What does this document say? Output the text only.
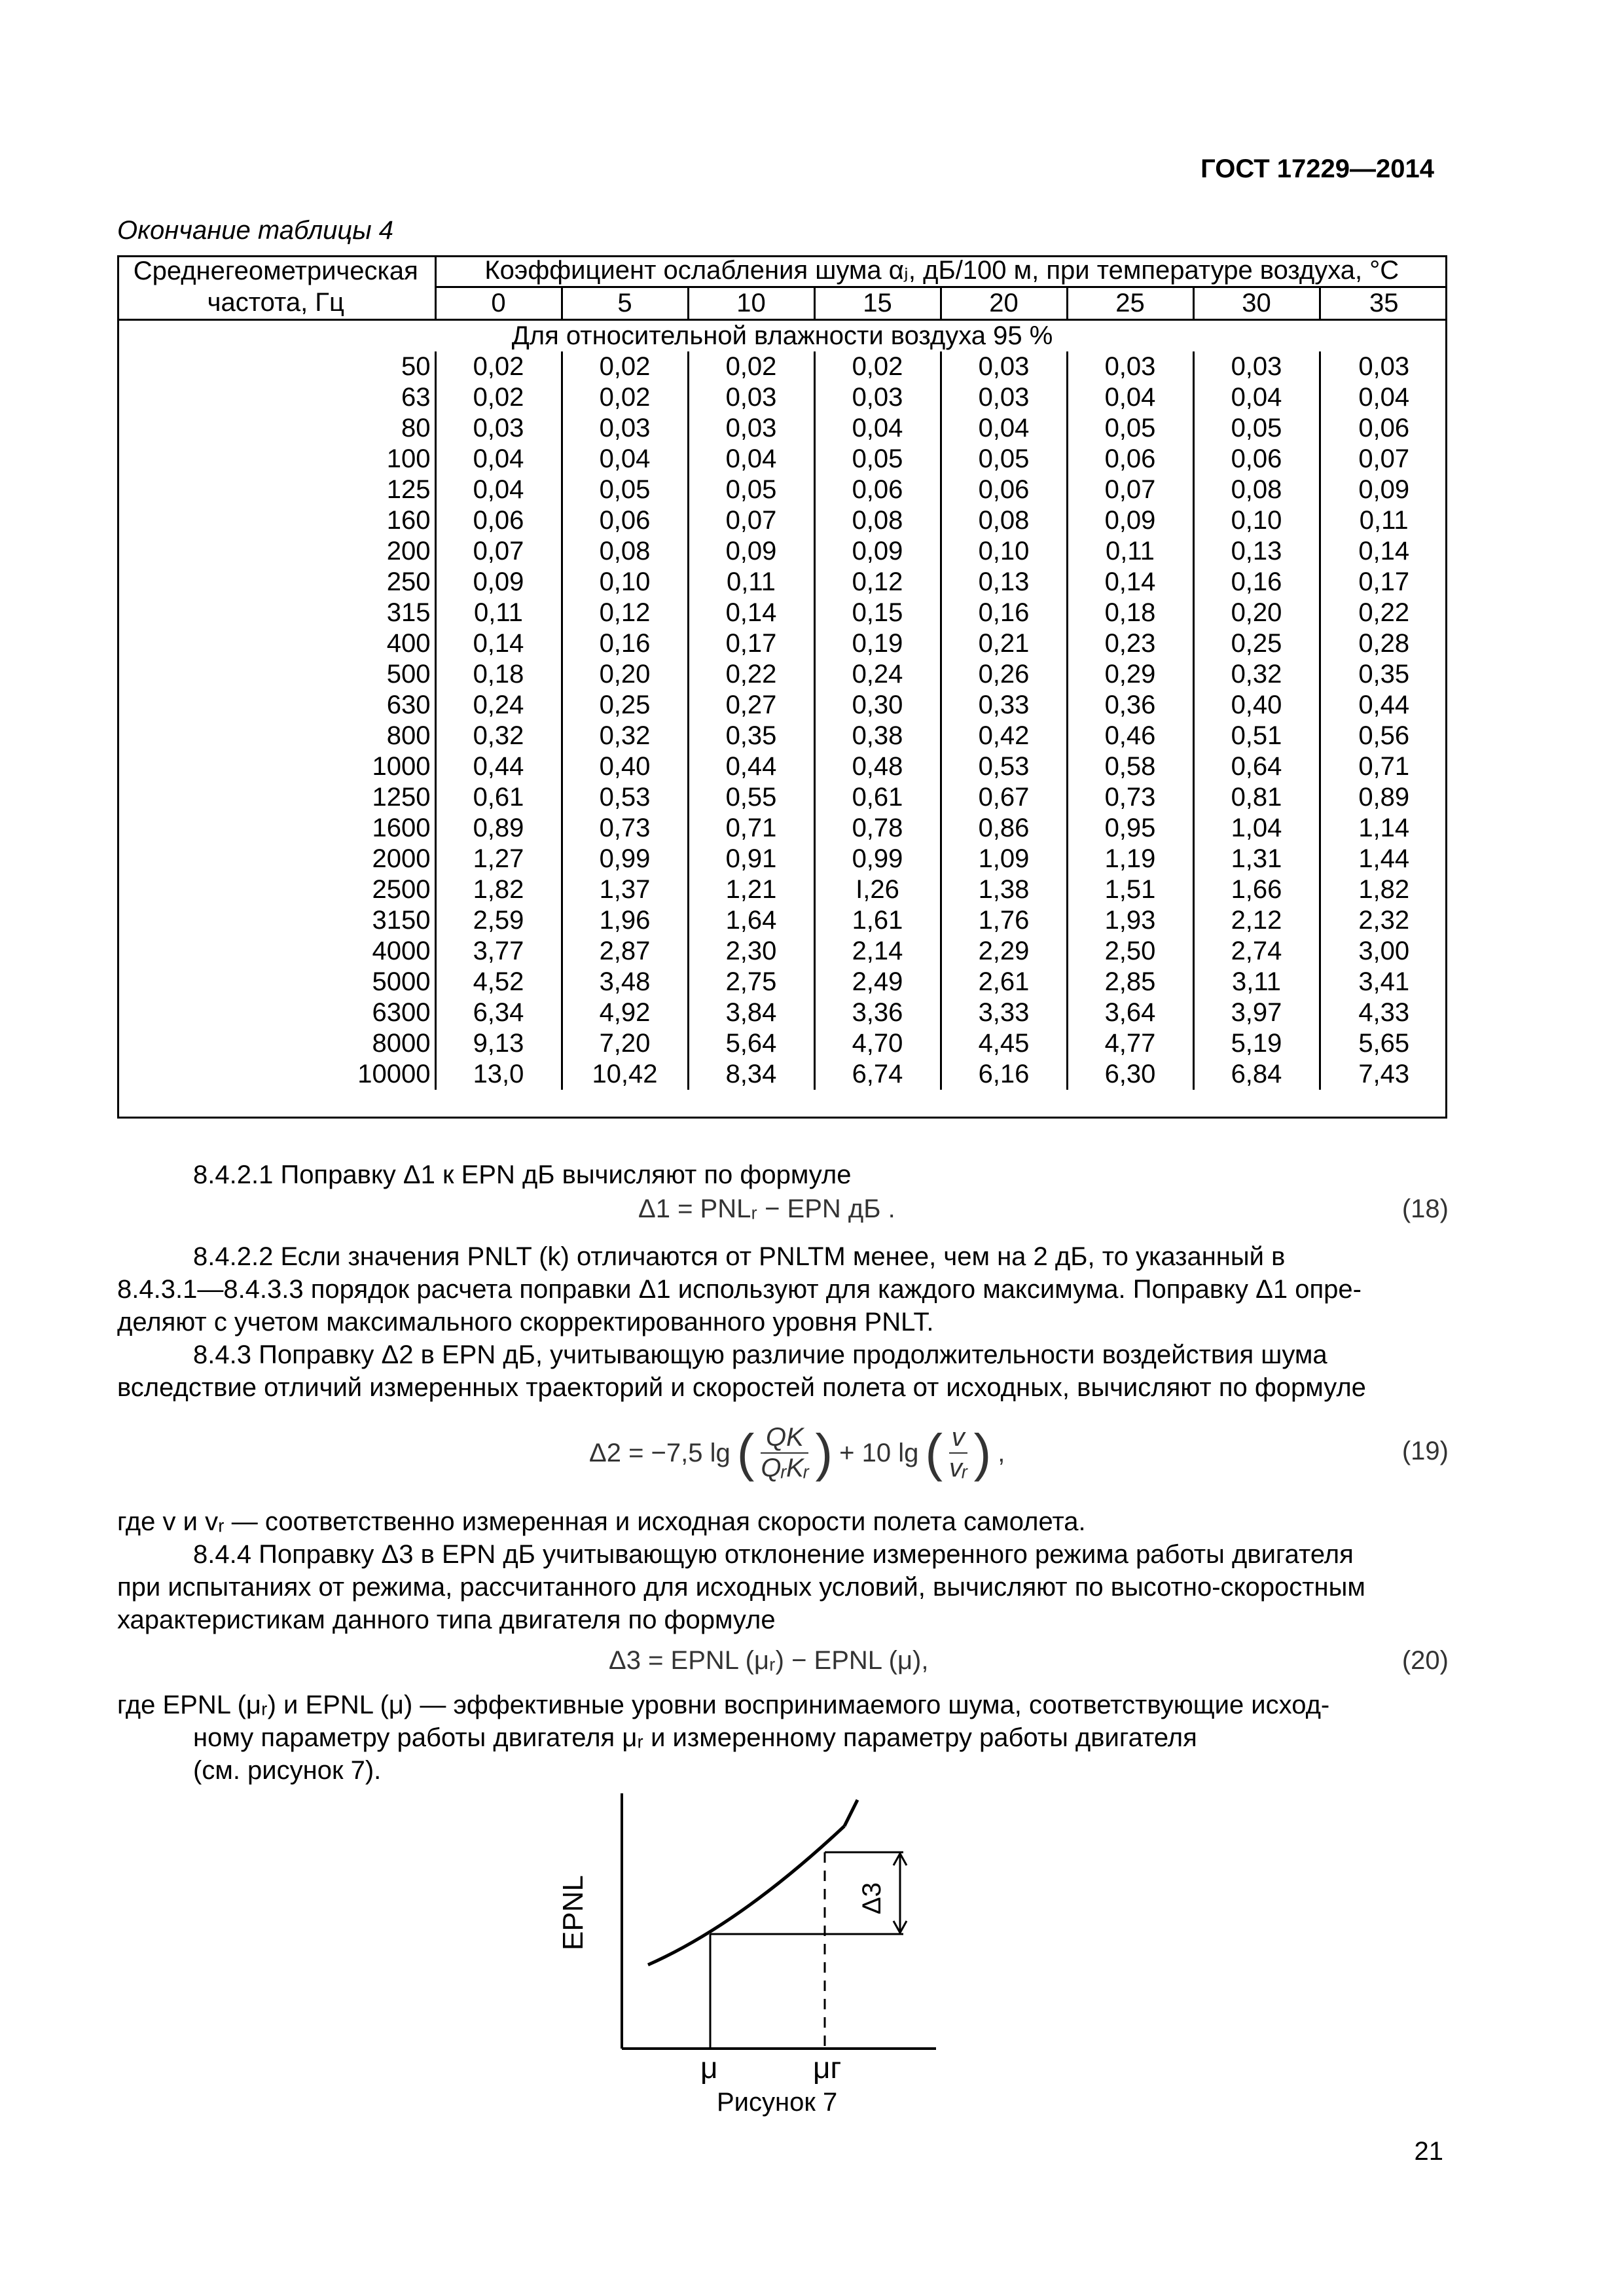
ГОСТ 17229—2014
Окончание таблицы 4
Среднегеометрическая	Коэффициент ослабления шума αⱼ, дБ/100 м, при температуре воздуха, °С							
частота, Гц	0	5	10	15	20	25	30	35
Для относительной влажности воздуха 95 %								
50	0,02	0,02	0,02	0,02	0,03	0,03	0,03	0,03
63	0,02	0,02	0,03	0,03	0,03	0,04	0,04	0,04
80	0,03	0,03	0,03	0,04	0,04	0,05	0,05	0,06
100	0,04	0,04	0,04	0,05	0,05	0,06	0,06	0,07
125	0,04	0,05	0,05	0,06	0,06	0,07	0,08	0,09
160	0,06	0,06	0,07	0,08	0,08	0,09	0,10	0,11
200	0,07	0,08	0,09	0,09	0,10	0,11	0,13	0,14
250	0,09	0,10	0,11	0,12	0,13	0,14	0,16	0,17
315	0,11	0,12	0,14	0,15	0,16	0,18	0,20	0,22
400	0,14	0,16	0,17	0,19	0,21	0,23	0,25	0,28
500	0,18	0,20	0,22	0,24	0,26	0,29	0,32	0,35
630	0,24	0,25	0,27	0,30	0,33	0,36	0,40	0,44
800	0,32	0,32	0,35	0,38	0,42	0,46	0,51	0,56
1000	0,44	0,40	0,44	0,48	0,53	0,58	0,64	0,71
1250	0,61	0,53	0,55	0,61	0,67	0,73	0,81	0,89
1600	0,89	0,73	0,71	0,78	0,86	0,95	1,04	1,14
2000	1,27	0,99	0,91	0,99	1,09	1,19	1,31	1,44
2500	1,82	1,37	1,21	I,26	1,38	1,51	1,66	1,82
3150	2,59	1,96	1,64	1,61	1,76	1,93	2,12	2,32
4000	3,77	2,87	2,30	2,14	2,29	2,50	2,74	3,00
5000	4,52	3,48	2,75	2,49	2,61	2,85	3,11	3,41
6300	6,34	4,92	3,84	3,36	3,33	3,64	3,97	4,33
8000	9,13	7,20	5,64	4,70	4,45	4,77	5,19	5,65
10000	13,0	10,42	8,34	6,74	6,16	6,30	6,84	7,43
8.4.2.1 Поправку Δ1 к EPN дБ вычисляют по формуле
Δ1 = PNLᵣ − EPN дБ .	(18)
8.4.2.2 Если значения PNLT (k) отличаются от PNLTM менее, чем на 2 дБ, то указанный в
8.4.3.1—8.4.3.3 порядок расчета поправки Δ1 используют для каждого максимума. Поправку Δ1 опре-
деляют с учетом максимального скорректированного уровня PNLT.
8.4.3 Поправку Δ2 в EPN дБ, учитывающую различие продолжительности воздействия шума
вследствие отличий измеренных траекторий и скоростей полета от исходных, вычисляют по формуле
Δ2 = −7,5 lg ( QK
QᵣKᵣ ) + 10 lg ( v
vᵣ ) ,	(19)
где v и vᵣ — соответственно измеренная и исходная скорости полета самолета.
8.4.4 Поправку Δ3 в EPN дБ учитывающую отклонение измеренного режима работы двигателя
при испытаниях от режима, рассчитанного для исходных условий, вычисляют по высотно-скоростным
характеристикам данного типа двигателя по формуле
Δ3 = EPNL (μᵣ) − EPNL (μ),	(20)
где EPNL (μᵣ) и EPNL (μ) — эффективные уровни воспринимаемого шума, соответствующие исход-
ному параметру работы двигателя μᵣ и измеренному параметру работы двигателя
(см. рисунок 7).
EPNL	Δ3
μ	μг
Рисунок 7
21
